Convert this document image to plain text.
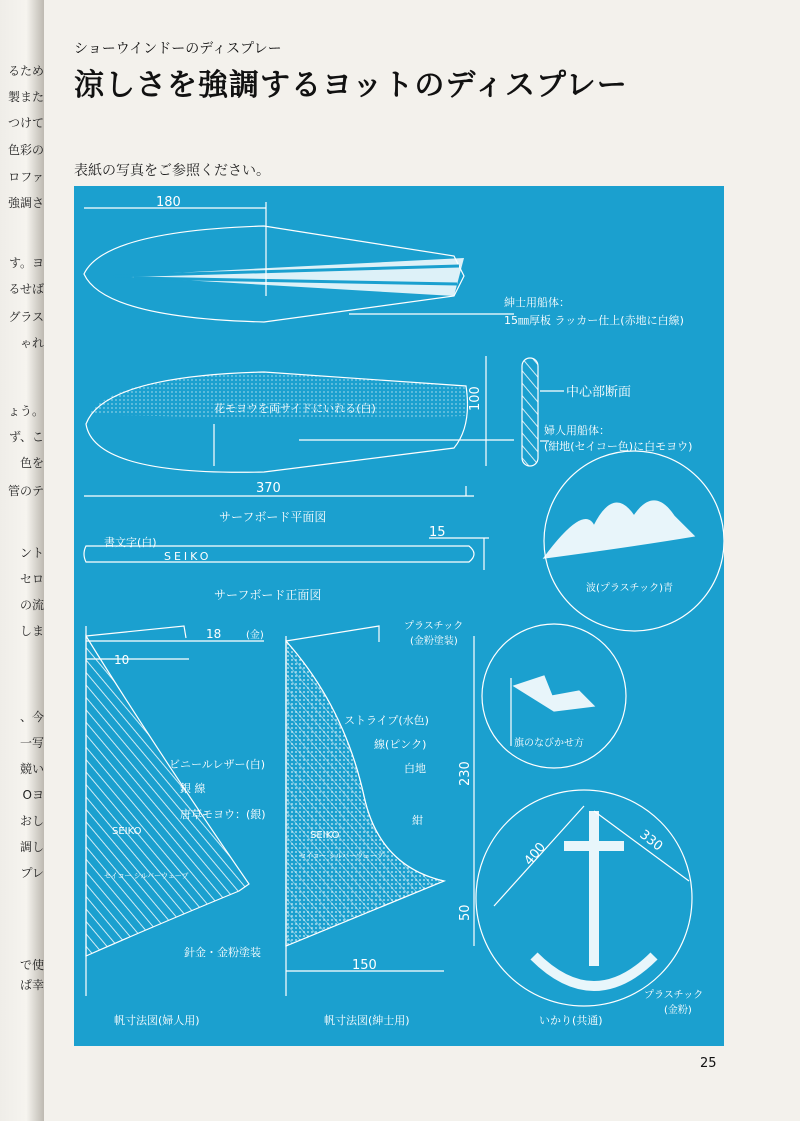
るため
製また
つけて
色彩の
ロファ
強調さ
す。ヨ
るせば
グラス
ゃれ
ょう。
ず、こ
色を
管のテ
ント
セロ
の流
しま
、今
一写
競い
Oヨ
おし
調し
プレ
で使
ぱ幸
ショーウインドーのディスプレー
涼しさを強調するヨットのディスプレー
表紙の写真をご参照ください。
180
紳士用船体：
15㎜厚板 ラッカー仕上(赤地に白線)
中心部断面
婦人用船体：
(紺地(セイコー色)に白モヨウ)
花モヨウを両サイドにいれる(白)	100
370
サーフボード平面図
書文字(白)
SEIKO
15
サーフボード正面図	波(プラスチック)青
18 (金)
10
プラスチック
(金粉塗装)
旗のなびかせ方
ストライプ(水色)
線(ピンク)
白地 230
紺
ビニールレザー(白)
銀 線
唐草モヨウ：(銀)
SEIKO
セイコー シルバーウェーブ
SEIKO
セイコー シルバーウェーブ
50
針金・金粉塗装
150
400	330
プラスチック
(金粉)
帆寸法図(婦人用)	帆寸法図(紳士用)	いかり(共通)
25
